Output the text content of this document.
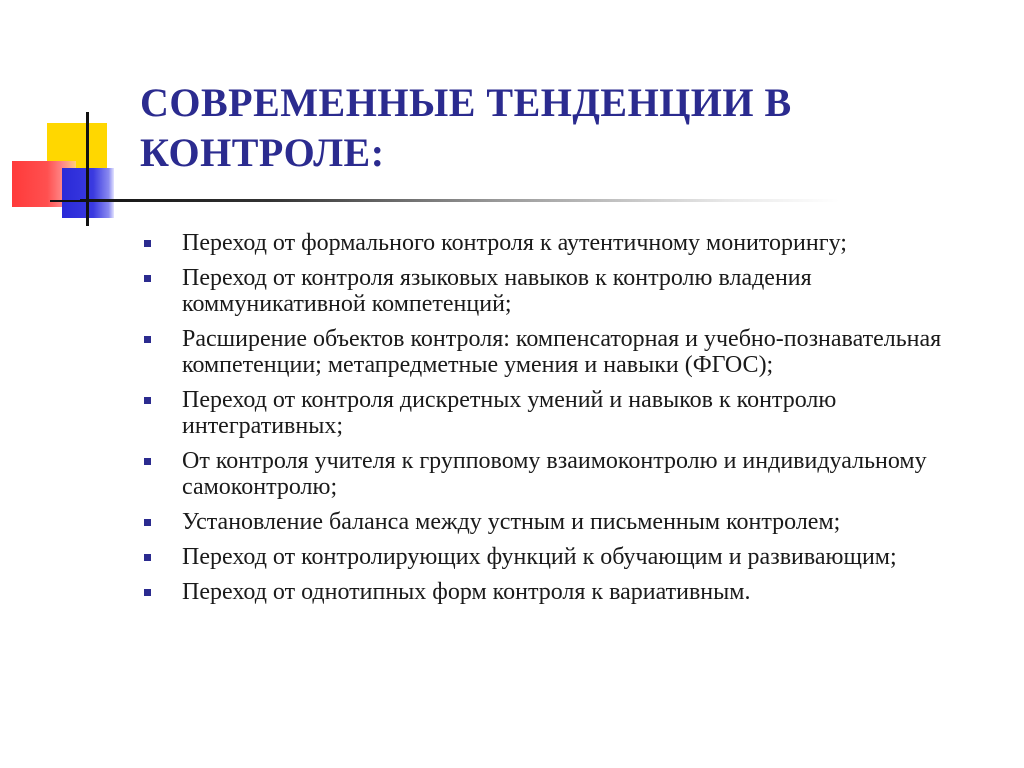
СОВРЕМЕННЫЕ ТЕНДЕНЦИИ В КОНТРОЛЕ:
Переход от формального контроля к аутентичному мониторингу;
Переход от контроля языковых навыков к контролю владения коммуникативной компетенций;
Расширение объектов контроля: компенсаторная и учебно-познавательная компетенции; метапредметные умения и навыки (ФГОС);
Переход от контроля дискретных умений и навыков к контролю интегративных;
От контроля учителя к групповому взаимоконтролю и индивидуальному самоконтролю;
Установление баланса между устным и письменным контролем;
Переход от контролирующих функций к обучающим и развивающим;
Переход от однотипных форм контроля к вариативным.
